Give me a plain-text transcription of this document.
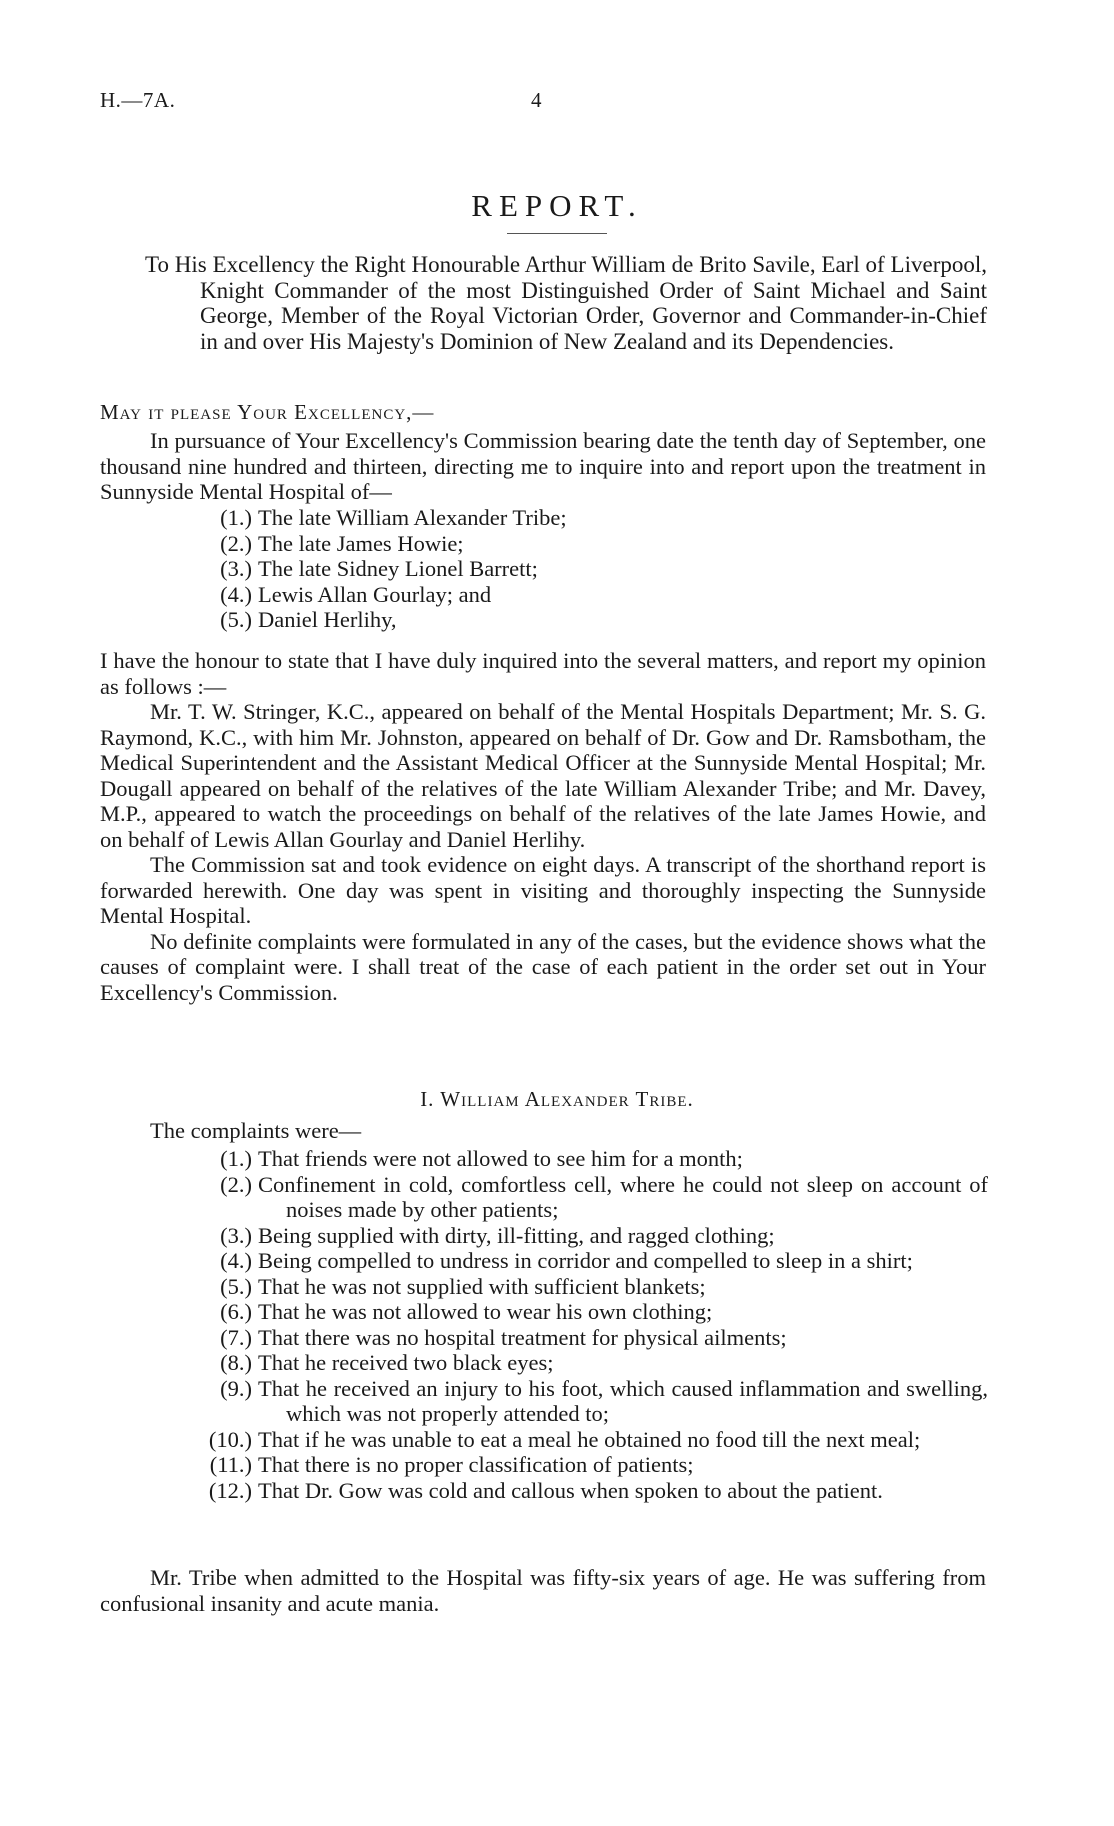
H.—7A.	4
REPORT.

To His Excellency the Right Honourable Arthur William de Brito Savile, Earl of Liverpool, Knight Commander of the most Distinguished Order of Saint Michael and Saint George, Member of the Royal Victorian Order, Governor and Commander-in-Chief in and over His Majesty's Dominion of New Zealand and its Dependencies.

May it please Your Excellency,—

In pursuance of Your Excellency's Commission bearing date the tenth day of September, one thousand nine hundred and thirteen, directing me to inquire into and report upon the treatment in Sunnyside Mental Hospital of—

(1.) The late William Alexander Tribe;
(2.) The late James Howie;
(3.) The late Sidney Lionel Barrett;
(4.) Lewis Allan Gourlay; and
(5.) Daniel Herlihy,

I have the honour to state that I have duly inquired into the several matters, and report my opinion as follows :—

Mr. T. W. Stringer, K.C., appeared on behalf of the Mental Hospitals Department; Mr. S. G. Raymond, K.C., with him Mr. Johnston, appeared on behalf of Dr. Gow and Dr. Ramsbotham, the Medical Superintendent and the Assistant Medical Officer at the Sunnyside Mental Hospital; Mr. Dougall appeared on behalf of the relatives of the late William Alexander Tribe; and Mr. Davey, M.P., appeared to watch the proceedings on behalf of the relatives of the late James Howie, and on behalf of Lewis Allan Gourlay and Daniel Herlihy.

The Commission sat and took evidence on eight days. A transcript of the shorthand report is forwarded herewith. One day was spent in visiting and thoroughly inspecting the Sunnyside Mental Hospital.

No definite complaints were formulated in any of the cases, but the evidence shows what the causes of complaint were. I shall treat of the case of each patient in the order set out in Your Excellency's Commission.

I. William Alexander Tribe.

The complaints were—

(1.) That friends were not allowed to see him for a month;
(2.) Confinement in cold, comfortless cell, where he could not sleep on account of noises made by other patients;
(3.) Being supplied with dirty, ill-fitting, and ragged clothing;
(4.) Being compelled to undress in corridor and compelled to sleep in a shirt;
(5.) That he was not supplied with sufficient blankets;
(6.) That he was not allowed to wear his own clothing;
(7.) That there was no hospital treatment for physical ailments;
(8.) That he received two black eyes;
(9.) That he received an injury to his foot, which caused inflammation and swelling, which was not properly attended to;
(10.) That if he was unable to eat a meal he obtained no food till the next meal;
(11.) That there is no proper classification of patients;
(12.) That Dr. Gow was cold and callous when spoken to about the patient.

Mr. Tribe when admitted to the Hospital was fifty-six years of age. He was suffering from confusional insanity and acute mania.
